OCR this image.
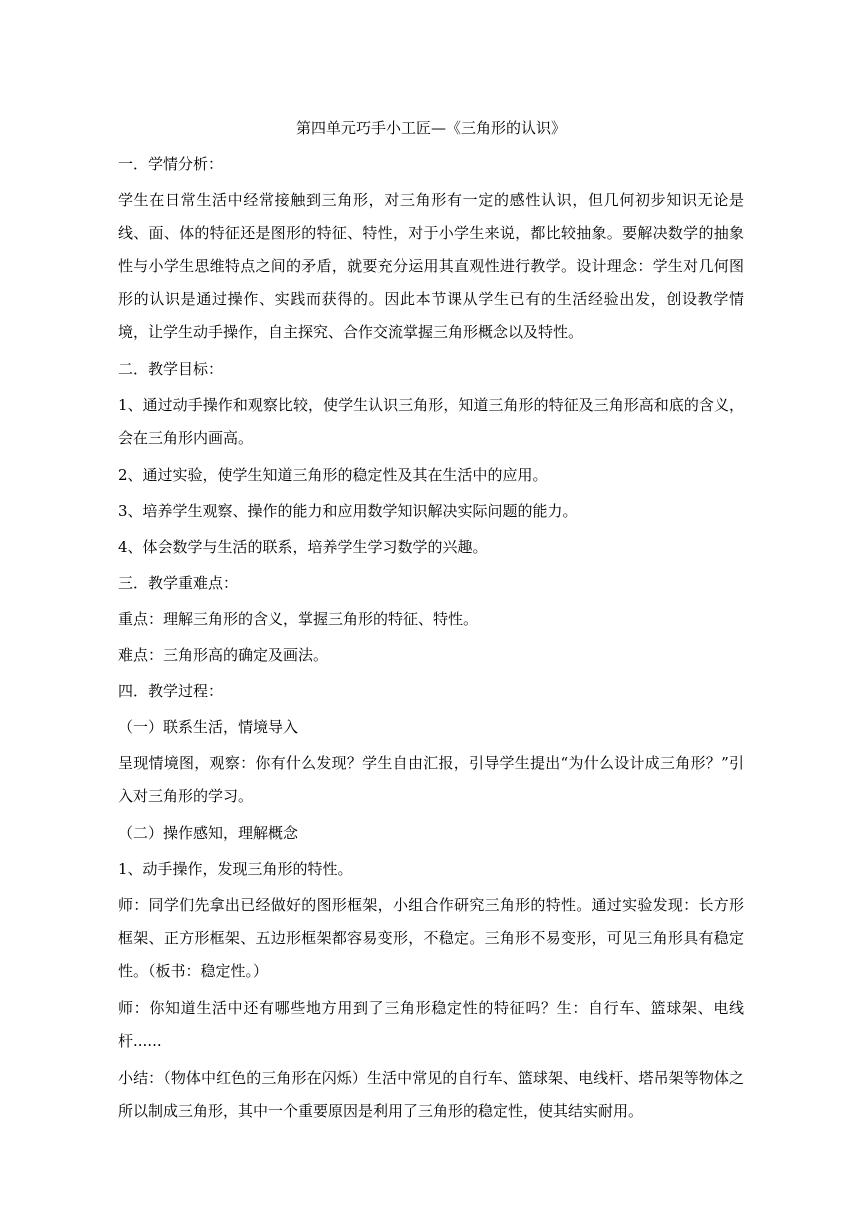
第四单元巧手小工匠—《三角形的认识》
一．学情分析：
学生在日常生活中经常接触到三角形，对三角形有一定的感性认识，但几何初步知识无论是线、面、体的特征还是图形的特征、特性，对于小学生来说，都比较抽象。要解决数学的抽象性与小学生思维特点之间的矛盾，就要充分运用其直观性进行教学。设计理念：学生对几何图形的认识是通过操作、实践而获得的。因此本节课从学生已有的生活经验出发，创设教学情境，让学生动手操作，自主探究、合作交流掌握三角形概念以及特性。
二．教学目标：
1、通过动手操作和观察比较，使学生认识三角形，知道三角形的特征及三角形高和底的含义，会在三角形内画高。
2、通过实验，使学生知道三角形的稳定性及其在生活中的应用。
3、培养学生观察、操作的能力和应用数学知识解决实际问题的能力。
4、体会数学与生活的联系，培养学生学习数学的兴趣。
三．教学重难点：
重点：理解三角形的含义，掌握三角形的特征、特性。
难点：三角形高的确定及画法。
四．教学过程：
（一）联系生活，情境导入
呈现情境图，观察：你有什么发现？学生自由汇报，引导学生提出“为什么设计成三角形？”引入对三角形的学习。
（二）操作感知，理解概念
1、动手操作，发现三角形的特性。
师：同学们先拿出已经做好的图形框架，小组合作研究三角形的特性。通过实验发现：长方形框架、正方形框架、五边形框架都容易变形，不稳定。三角形不易变形，可见三角形具有稳定性。（板书：稳定性。）
师：你知道生活中还有哪些地方用到了三角形稳定性的特征吗？生：自行车、篮球架、电线杆......
小结：（物体中红色的三角形在闪烁）生活中常见的自行车、篮球架、电线杆、塔吊架等物体之所以制成三角形，其中一个重要原因是利用了三角形的稳定性，使其结实耐用。
